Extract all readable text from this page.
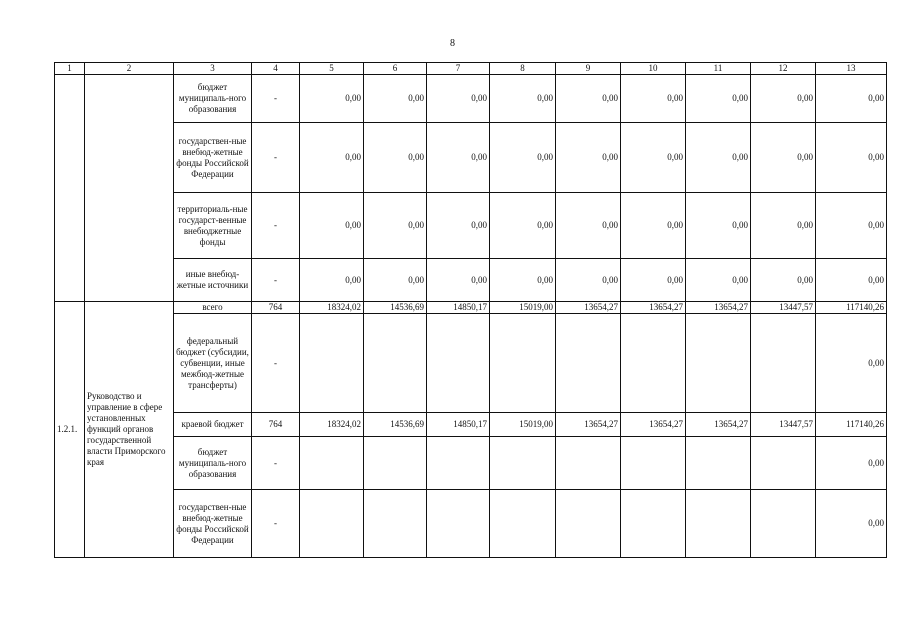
8
1	2	3	4	5	6	7	8	9	10	11	12	13
		бюджет муниципаль-ного образования	-	0,00	0,00	0,00	0,00	0,00	0,00	0,00	0,00	0,00
		государствен-ные внебюд-жетные фонды Российской Федерации	-	0,00	0,00	0,00	0,00	0,00	0,00	0,00	0,00	0,00
		территориаль-ные государст-венные внебюджетные фонды	-	0,00	0,00	0,00	0,00	0,00	0,00	0,00	0,00	0,00
		иные внебюд-жетные источники	-	0,00	0,00	0,00	0,00	0,00	0,00	0,00	0,00	0,00
1.2.1.	Руководство и управление в сфере установленных функций органов государственной власти Приморского края	всего	764	18324,02	14536,69	14850,17	15019,00	13654,27	13654,27	13654,27	13447,57	117140,26
		федеральный бюджет (субсидии, субвенции, иные межбюд-жетные трансферты)	-									0,00
		краевой бюджет	764	18324,02	14536,69	14850,17	15019,00	13654,27	13654,27	13654,27	13447,57	117140,26
		бюджет муниципаль-ного образования	-									0,00
		государствен-ные внебюд-жетные фонды Российской Федерации	-									0,00
